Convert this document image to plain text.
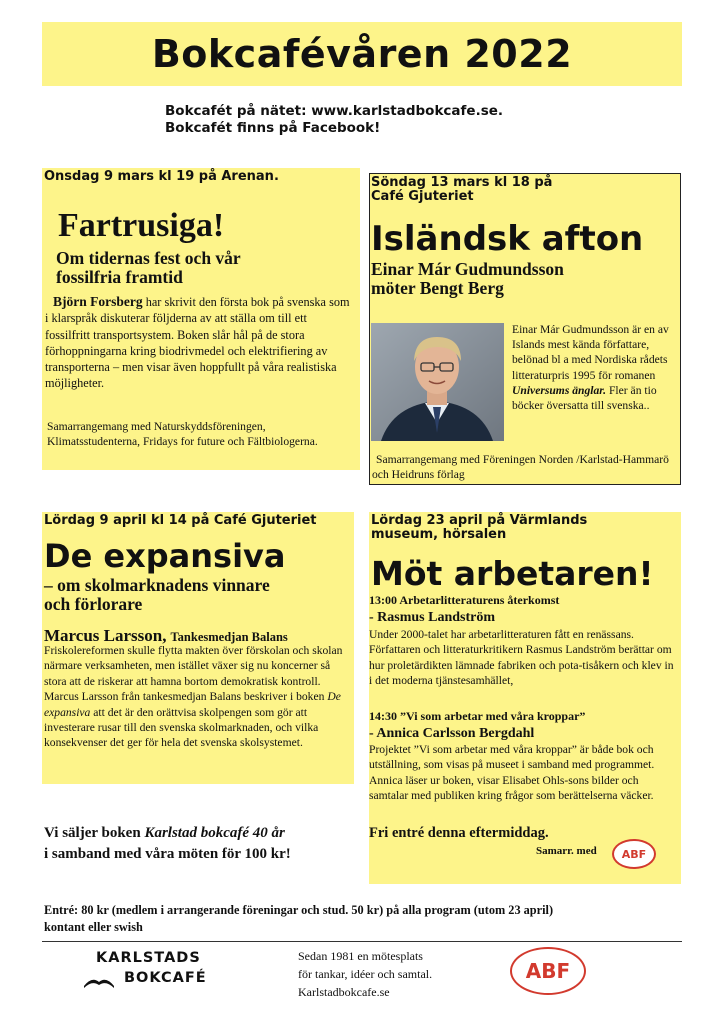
Bokcafévåren 2022
Bokcafét på nätet: www.karlstadbokcafe.se.
Bokcafét finns på Facebook!
Onsdag 9 mars kl 19 på Arenan.
Fartrusiga!
Om tidernas fest och vår
fossilfria framtid

Björn Forsberg har skrivit den första bok på svenska som i klarspråk diskuterar följderna av att ställa om till ett fossilfritt transportsystem. Boken slår hål på de stora förhoppningarna kring biodrivmedel och elektrifiering av transporterna – men visar även hoppfullt på våra realistiska möjligheter.

Samarrangemang med Naturskyddsföreningen, Klimatsstudenterna, Fridays for future och Fältbiologerna.

Söndag 13 mars kl 18 på
Café Gjuteriet
Isländsk afton
Einar Már Gudmundsson
möter Bengt Berg

Einar Már Gudmundsson är en av Islands mest kända författare, belönad bl a med Nordiska rådets litteraturpris 1995 för romanen Universums änglar. Fler än tio böcker översatta till svenska..

Samarrangemang med Föreningen Norden /Karlstad-Hammarö och Heidruns förlag

Lördag 9 april kl 14 på Café Gjuteriet
De expansiva
– om skolmarknadens vinnare
och förlorare
Marcus Larsson, Tankesmedjan Balans

Friskolereformen skulle flytta makten över förskolan och skolan närmare verksamheten, men istället växer sig nu koncerner så stora att de riskerar att hamna bortom demokratisk kontroll. Marcus Larsson från tankesmedjan Balans beskriver i boken De expansiva att det är den orättvisa skolpengen som gör att investerare rusar till den svenska skolmarknaden, och vilka konsekvenser det ger för hela det svenska skolsystemet.

Vi säljer boken Karlstad bokcafé 40 år
i samband med våra möten för 100 kr!
Lördag 23 april på Värmlands
museum, hörsalen
Möt arbetaren!
13:00 Arbetarlitteraturens återkomst
- Rasmus Landström

Under 2000-talet har arbetarlitteraturen fått en renässans. Författaren och litteraturkritikern Rasmus Landström berättar om hur proletärdikten lämnade fabriken och pota-tisåkern och klev in i det moderna tjänstesamhället,

14:30 ”Vi som arbetar med våra kroppar”
- Annica Carlsson Bergdahl

Projektet ”Vi som arbetar med våra kroppar” är både bok och utställning, som visas på museet i samband med programmet. Annica läser ur boken, visar Elisabet Ohls-sons bilder och samtalar med publiken kring frågor som berättelserna väcker.

Fri entré denna eftermiddag.
Samarr. med	ABF
Entré: 80 kr (medlem i arrangerande föreningar och stud. 50 kr) på alla program (utom 23 april)
kontant eller swish
KARLSTADS
BOKCAFÉ
Sedan 1981 en mötesplats
för tankar, idéer och samtal.
Karlstadbokcafe.se
ABF
